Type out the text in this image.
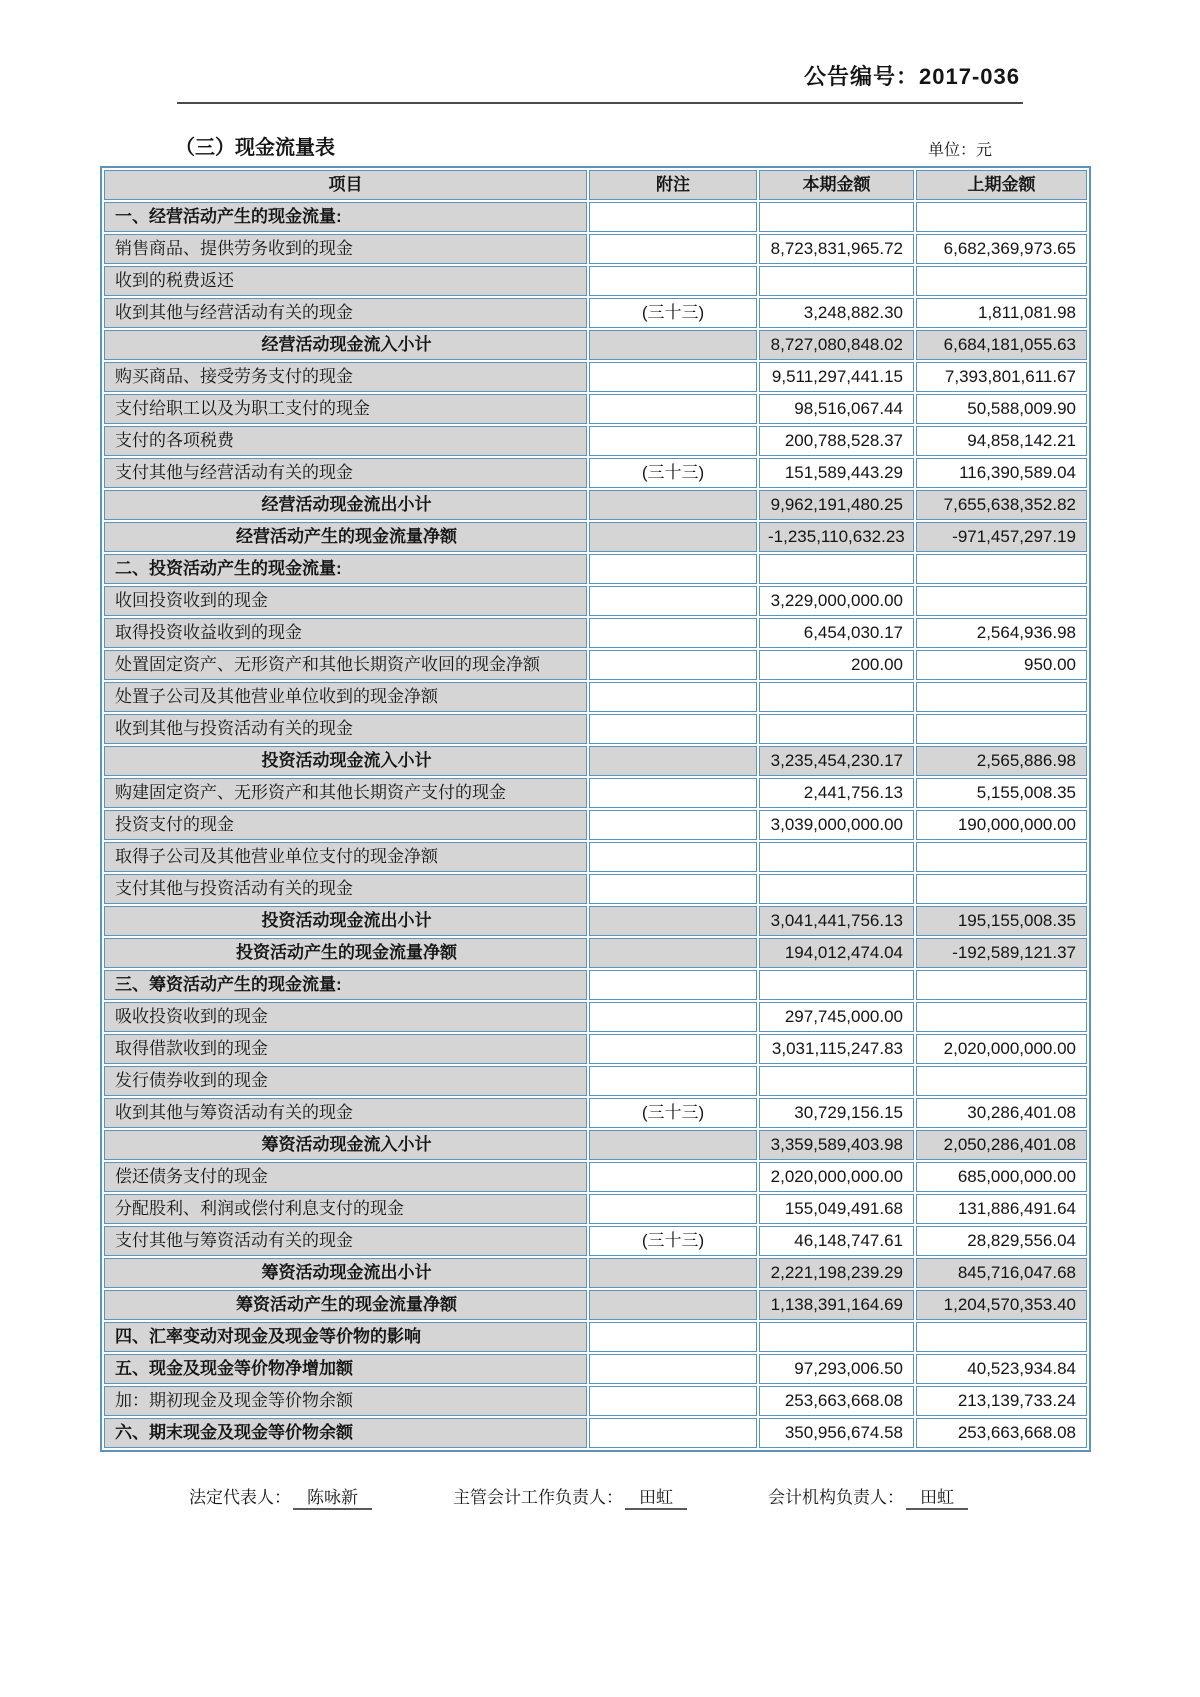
公告编号：2017-036
（三）现金流量表	单位：元
项目	附注	本期金额	上期金额
一、经营活动产生的现金流量:			
销售商品、提供劳务收到的现金		8,723,831,965.72	6,682,369,973.65
收到的税费返还			
收到其他与经营活动有关的现金	(三十三)	3,248,882.30	1,811,081.98
经营活动现金流入小计		8,727,080,848.02	6,684,181,055.63
购买商品、接受劳务支付的现金		9,511,297,441.15	7,393,801,611.67
支付给职工以及为职工支付的现金		98,516,067.44	50,588,009.90
支付的各项税费		200,788,528.37	94,858,142.21
支付其他与经营活动有关的现金	(三十三)	151,589,443.29	116,390,589.04
经营活动现金流出小计		9,962,191,480.25	7,655,638,352.82
经营活动产生的现金流量净额		-1,235,110,632.23	-971,457,297.19
二、投资活动产生的现金流量:			
收回投资收到的现金		3,229,000,000.00	
取得投资收益收到的现金		6,454,030.17	2,564,936.98
处置固定资产、无形资产和其他长期资产收回的现金净额		200.00	950.00
处置子公司及其他营业单位收到的现金净额			
收到其他与投资活动有关的现金			
投资活动现金流入小计		3,235,454,230.17	2,565,886.98
购建固定资产、无形资产和其他长期资产支付的现金		2,441,756.13	5,155,008.35
投资支付的现金		3,039,000,000.00	190,000,000.00
取得子公司及其他营业单位支付的现金净额			
支付其他与投资活动有关的现金			
投资活动现金流出小计		3,041,441,756.13	195,155,008.35
投资活动产生的现金流量净额		194,012,474.04	-192,589,121.37
三、筹资活动产生的现金流量:			
吸收投资收到的现金		297,745,000.00	
取得借款收到的现金		3,031,115,247.83	2,020,000,000.00
发行债券收到的现金			
收到其他与筹资活动有关的现金	(三十三)	30,729,156.15	30,286,401.08
筹资活动现金流入小计		3,359,589,403.98	2,050,286,401.08
偿还债务支付的现金		2,020,000,000.00	685,000,000.00
分配股利、利润或偿付利息支付的现金		155,049,491.68	131,886,491.64
支付其他与筹资活动有关的现金	(三十三)	46,148,747.61	28,829,556.04
筹资活动现金流出小计		2,221,198,239.29	845,716,047.68
筹资活动产生的现金流量净额		1,138,391,164.69	1,204,570,353.40
四、汇率变动对现金及现金等价物的影响			
五、现金及现金等价物净增加额		97,293,006.50	40,523,934.84
加：期初现金及现金等价物余额		253,663,668.08	213,139,733.24
六、期末现金及现金等价物余额		350,956,674.58	253,663,668.08
法定代表人： 陈咏新	主管会计工作负责人： 田虹	会计机构负责人： 田虹
